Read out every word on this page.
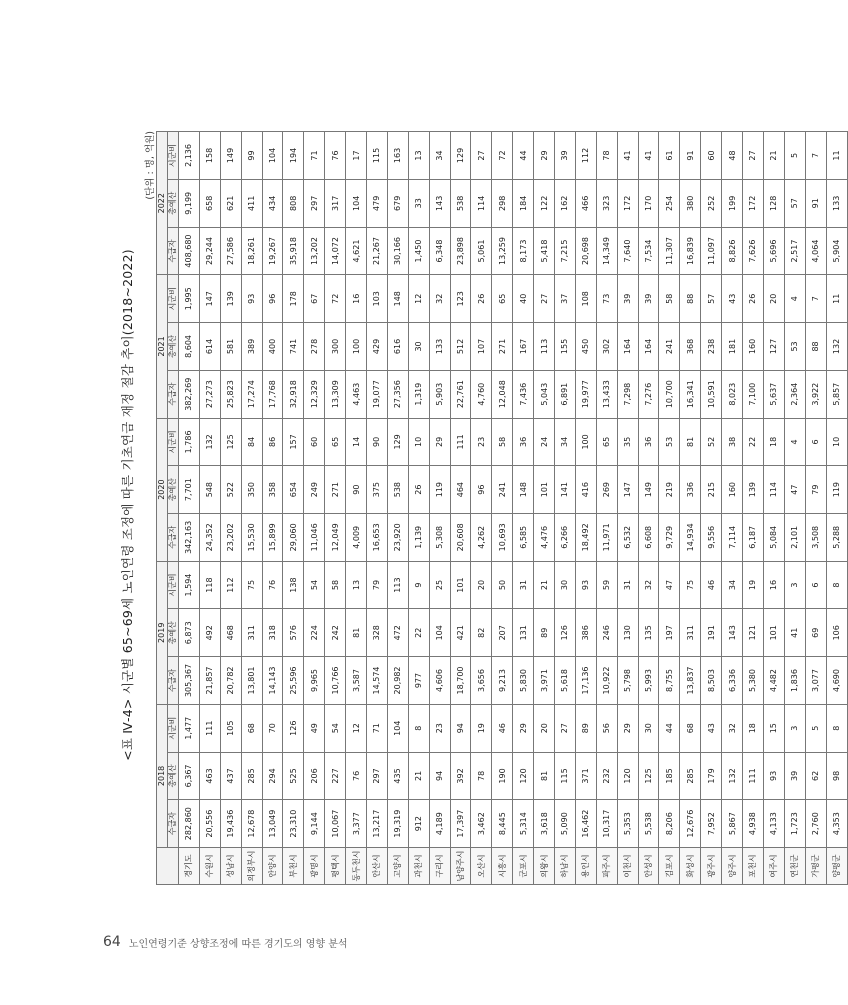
64 노인연령기준 상향조정에 따른 경기도의 영향 분석
<표 Ⅳ-4> 시군별 65~69세 노인연령 조정에 따른 기초연금 재정 절감 추이(2018~2022)
(단위 : 명, 억원)
	2018			2019			2020			2021			2022		
	수급자	총예산	시군비	수급자	총예산	시군비	수급자	총예산	시군비	수급자	총예산	시군비	수급자	총예산	시군비
경기도	282,860	6,367	1,477	305,367	6,873	1,594	342,163	7,701	1,786	382,269	8,604	1,995	408,680	9,199	2,136
수원시	20,556	463	111	21,857	492	118	24,352	548	132	27,273	614	147	29,244	658	158
성남시	19,436	437	105	20,782	468	112	23,202	522	125	25,823	581	139	27,586	621	149
의정부시	12,678	285	68	13,801	311	75	15,530	350	84	17,274	389	93	18,261	411	99
안양시	13,049	294	70	14,143	318	76	15,899	358	86	17,768	400	96	19,267	434	104
부천시	23,310	525	126	25,596	576	138	29,060	654	157	32,918	741	178	35,918	808	194
광명시	9,144	206	49	9,965	224	54	11,046	249	60	12,329	278	67	13,202	297	71
평택시	10,067	227	54	10,766	242	58	12,049	271	65	13,309	300	72	14,072	317	76
동두천시	3,377	76	12	3,587	81	13	4,009	90	14	4,463	100	16	4,621	104	17
안산시	13,217	297	71	14,574	328	79	16,653	375	90	19,077	429	103	21,267	479	115
고양시	19,319	435	104	20,982	472	113	23,920	538	129	27,356	616	148	30,166	679	163
과천시	912	21	8	977	22	9	1,139	26	10	1,319	30	12	1,450	33	13
구리시	4,189	94	23	4,606	104	25	5,308	119	29	5,903	133	32	6,348	143	34
남양주시	17,397	392	94	18,700	421	101	20,608	464	111	22,761	512	123	23,898	538	129
오산시	3,462	78	19	3,656	82	20	4,262	96	23	4,760	107	26	5,061	114	27
시흥시	8,445	190	46	9,213	207	50	10,693	241	58	12,048	271	65	13,259	298	72
군포시	5,314	120	29	5,830	131	31	6,585	148	36	7,436	167	40	8,173	184	44
의왕시	3,618	81	20	3,971	89	21	4,476	101	24	5,043	113	27	5,418	122	29
하남시	5,090	115	27	5,618	126	30	6,266	141	34	6,891	155	37	7,215	162	39
용인시	16,462	371	89	17,136	386	93	18,492	416	100	19,977	450	108	20,698	466	112
파주시	10,317	232	56	10,922	246	59	11,971	269	65	13,433	302	73	14,349	323	78
이천시	5,353	120	29	5,798	130	31	6,532	147	35	7,298	164	39	7,640	172	41
안성시	5,538	125	30	5,993	135	32	6,608	149	36	7,276	164	39	7,534	170	41
김포시	8,206	185	44	8,755	197	47	9,729	219	53	10,700	241	58	11,307	254	61
화성시	12,676	285	68	13,837	311	75	14,934	336	81	16,341	368	88	16,839	380	91
광주시	7,952	179	43	8,503	191	46	9,556	215	52	10,591	238	57	11,097	252	60
양주시	5,867	132	32	6,336	143	34	7,114	160	38	8,023	181	43	8,826	199	48
포천시	4,938	111	18	5,380	121	19	6,187	139	22	7,100	160	26	7,626	172	27
여주시	4,133	93	15	4,482	101	16	5,084	114	18	5,637	127	20	5,696	128	21
연천군	1,723	39	3	1,836	41	3	2,101	47	4	2,364	53	4	2,517	57	5
가평군	2,760	62	5	3,077	69	6	3,508	79	6	3,922	88	7	4,064	91	7
양평군	4,353	98	8	4,690	106	8	5,288	119	10	5,857	132	11	5,904	133	11
